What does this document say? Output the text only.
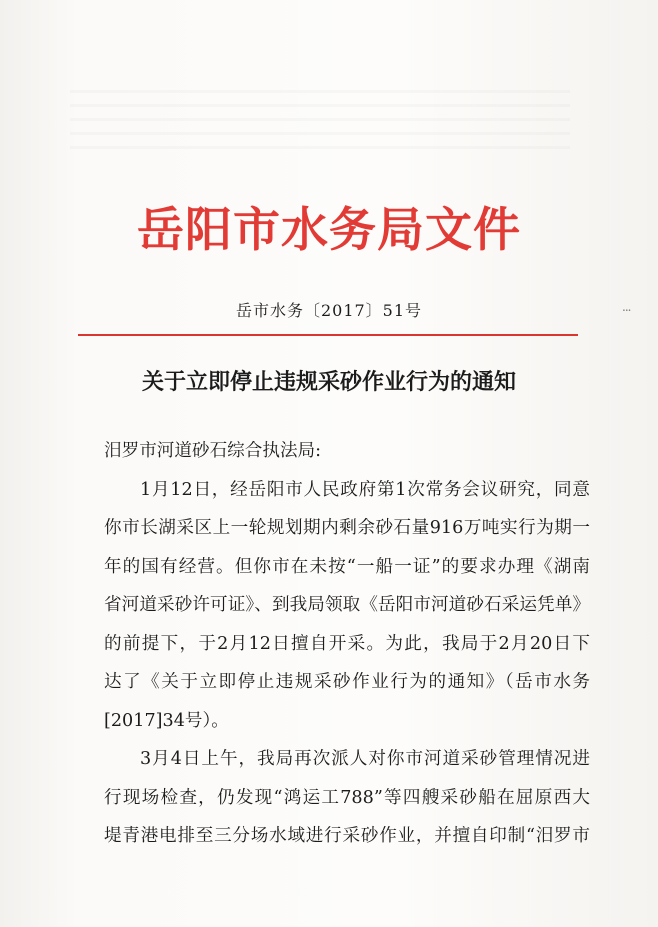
岳阳市水务局文件
岳市水务〔2017〕51号	...
关于立即停止违规采砂作业行为的通知
汨罗市河道砂石综合执法局:
1月12日，经岳阳市人民政府第1次常务会议研究，同意
你市长湖采区上一轮规划期内剩余砂石量916万吨实行为期一
年的国有经营。但你市在未按“一船一证”的要求办理《湖南
省河道采砂许可证》、到我局领取《岳阳市河道砂石采运凭单》
的前提下，于2月12日擅自开采。为此，我局于2月20日下
达了《关于立即停止违规采砂作业行为的通知》（岳市水务
[2017]34号）。
3月4日上午，我局再次派人对你市河道采砂管理情况进
行现场检查，仍发现“鸿运工788”等四艘采砂船在屈原西大
堤青港电排至三分场水域进行采砂作业，并擅自印制“汨罗市
